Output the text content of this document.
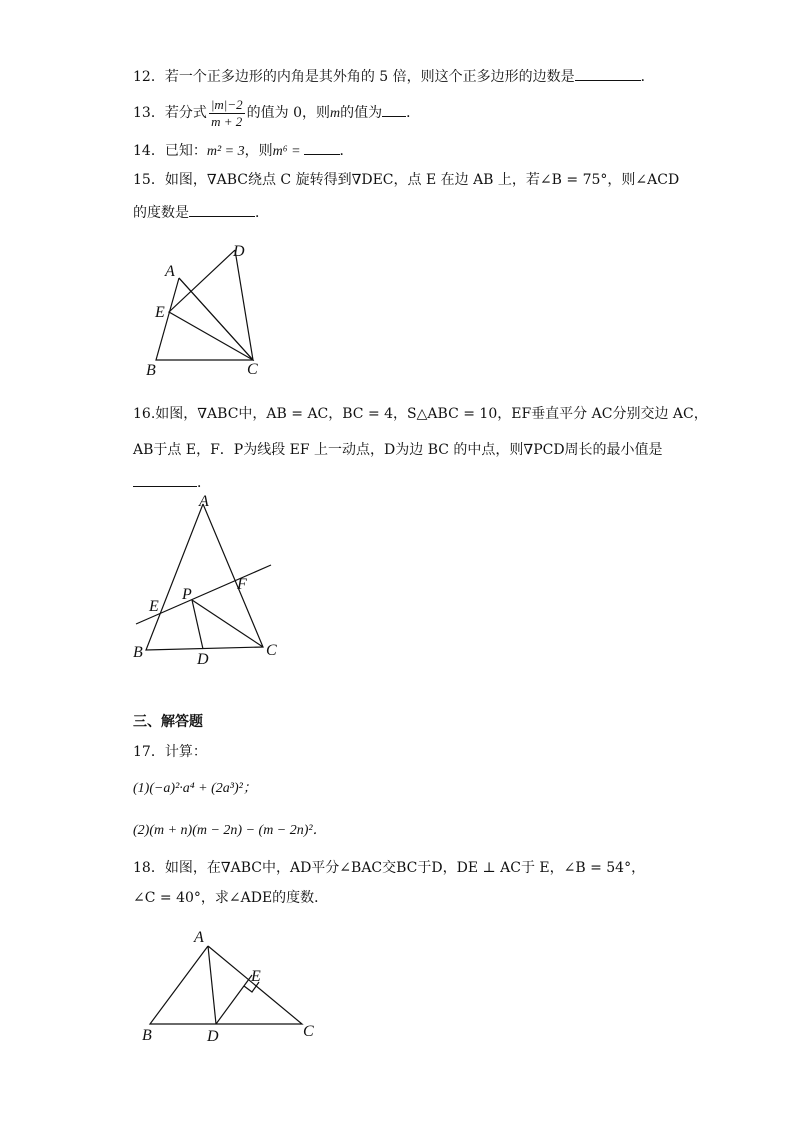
12．若一个正多边形的内角是其外角的 5 倍，则这个正多边形的边数是	．
13．若分式 $\frac{|m|-2}{m + 2}$ 的值为 0，则m的值为 ．
14．已知：m² = 3，则m⁶ =	．
15．如图，∇ABC绕点 C 旋转得到∇DEC，点 E 在边 AB 上，若∠B = 75°，则∠ACD
的度数是	．
D
A
E
B	C
16.如图，∇ABC中，AB = AC，BC = 4，S△ABC = 10，EF垂直平分 AC分别交边 AC，
AB于点 E，F．P为线段 EF 上一动点，D为边 BC 的中点，则∇PCD周长的最小值是
．
A
F
P
E
B	D
C
三、解答题
17．计算：
(1)(−a)²·a⁴ + (2a³)²；
(2)(m + n)(m − 2n) − (m − 2n)²．
18．如图，在∇ABC中，AD平分∠BAC交BC于D，DE ⊥ AC于 E，∠B = 54°，
∠C = 40°，求∠ADE的度数．
A
E
B	D	C
